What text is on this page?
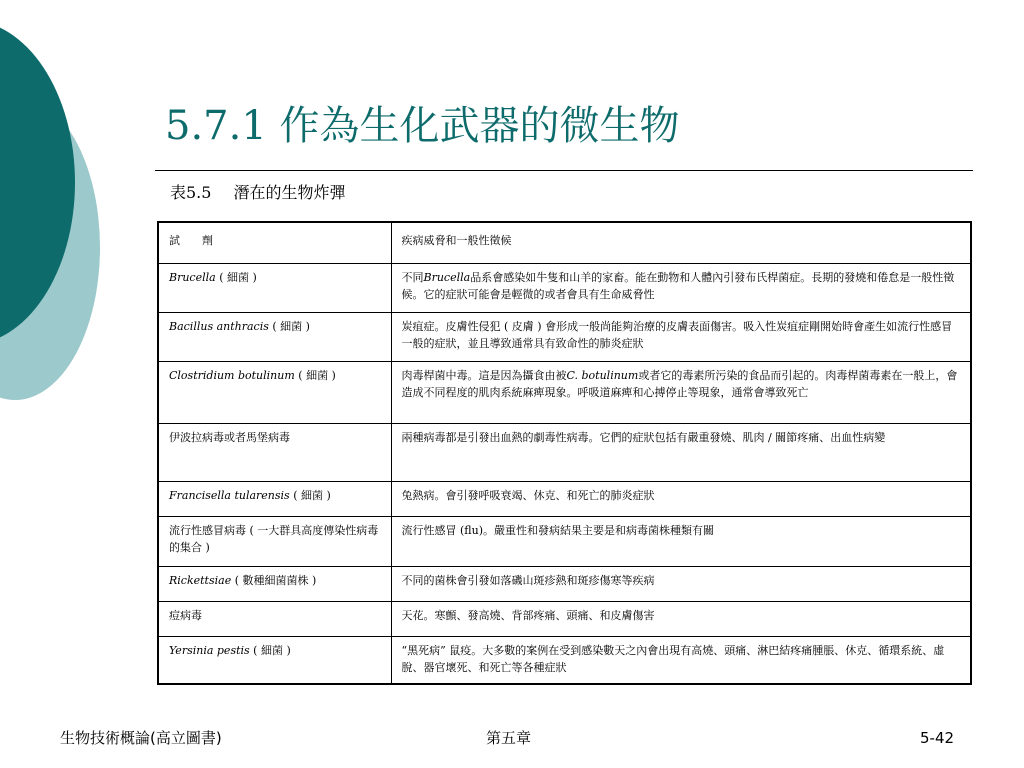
5.7.1 作為生化武器的微生物
表5.5 潛在的生物炸彈
試　　劑	疾病威脅和一般性徵候
Brucella ( 細菌 )	不同Brucella品系會感染如牛隻和山羊的家畜。能在動物和人體內引發布氏桿菌症。長期的發燒和倦怠是一般性徵候。它的症狀可能會是輕微的或者會具有生命威脅性
Bacillus anthracis ( 細菌 )	炭疽症。皮膚性侵犯 ( 皮膚 ) 會形成一般尚能夠治療的皮膚表面傷害。吸入性炭疽症剛開始時會產生如流行性感冒一般的症狀，並且導致通常具有致命性的肺炎症狀
Clostridium botulinum ( 細菌 )	肉毒桿菌中毒。這是因為攝食由被C. botulinum或者它的毒素所污染的食品而引起的。肉毒桿菌毒素在一般上，會造成不同程度的肌肉系統麻痺現象。呼吸道麻痺和心搏停止等現象，通常會導致死亡
伊波拉病毒或者馬堡病毒	兩種病毒都是引發出血熱的劇毒性病毒。它們的症狀包括有嚴重發燒、肌肉 / 關節疼痛、出血性病變
Francisella tularensis ( 細菌 )	兔熱病。會引發呼吸衰竭、休克、和死亡的肺炎症狀
流行性感冒病毒 ( 一大群具高度傳染性病毒的集合 )	流行性感冒 (flu)。嚴重性和發病結果主要是和病毒菌株種類有關
Rickettsiae ( 數種細菌菌株 )	不同的菌株會引發如落磯山斑疹熱和斑疹傷寒等疾病
痘病毒	天花。寒顫、發高燒、背部疼痛、頭痛、和皮膚傷害
Yersinia pestis ( 細菌 )	“黑死病” 鼠疫。大多數的案例在受到感染數天之內會出現有高燒、頭痛、淋巴結疼痛腫脹、休克、循環系統、虛脫、器官壞死、和死亡等各種症狀
生物技術概論(高立圖書)	第五章	5-42
